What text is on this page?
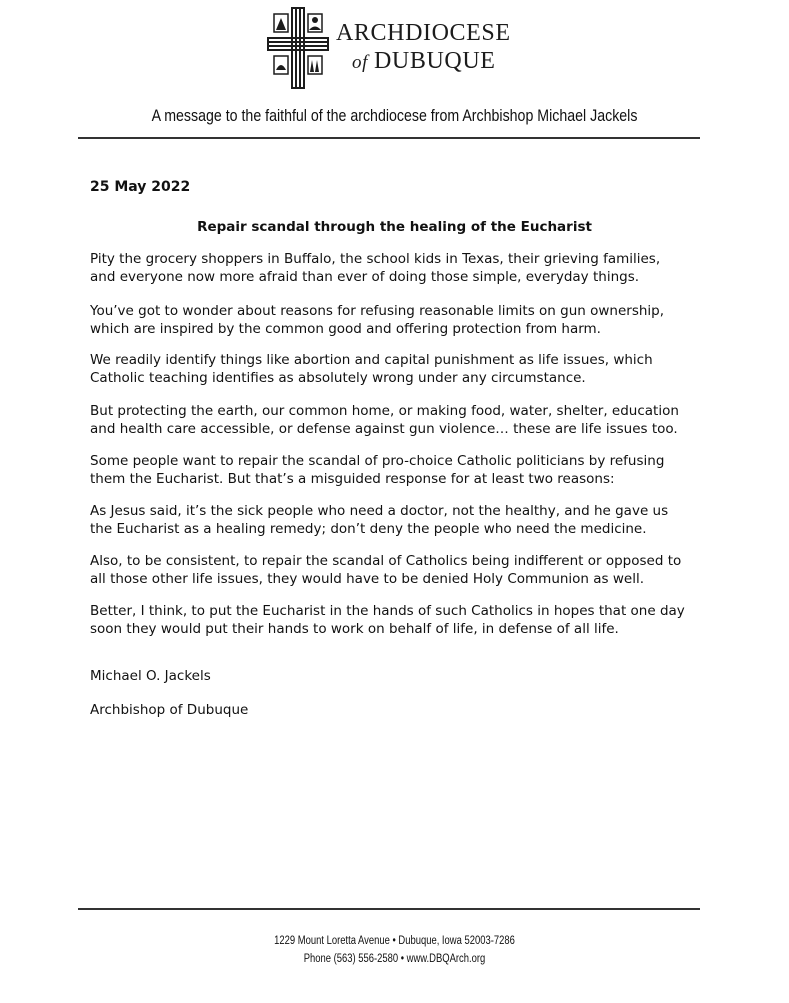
ARCHDIOCESE
of DUBUQUE
A message to the faithful of the archdiocese from Archbishop Michael Jackels
25 May 2022
Repair scandal through the healing of the Eucharist
Pity the grocery shoppers in Buffalo, the school kids in Texas, their grieving families,
and everyone now more afraid than ever of doing those simple, everyday things.
You’ve got to wonder about reasons for refusing reasonable limits on gun ownership,
which are inspired by the common good and offering protection from harm.
We readily identify things like abortion and capital punishment as life issues, which
Catholic teaching identifies as absolutely wrong under any circumstance.
But protecting the earth, our common home, or making food, water, shelter, education
and health care accessible, or defense against gun violence… these are life issues too.
Some people want to repair the scandal of pro-choice Catholic politicians by refusing
them the Eucharist. But that’s a misguided response for at least two reasons:
As Jesus said, it’s the sick people who need a doctor, not the healthy, and he gave us
the Eucharist as a healing remedy; don’t deny the people who need the medicine.
Also, to be consistent, to repair the scandal of Catholics being indifferent or opposed to
all those other life issues, they would have to be denied Holy Communion as well.
Better, I think, to put the Eucharist in the hands of such Catholics in hopes that one day
soon they would put their hands to work on behalf of life, in defense of all life.
Michael O. Jackels
Archbishop of Dubuque
1229 Mount Loretta Avenue • Dubuque, Iowa 52003-7286
Phone (563) 556-2580 • www.DBQArch.org
